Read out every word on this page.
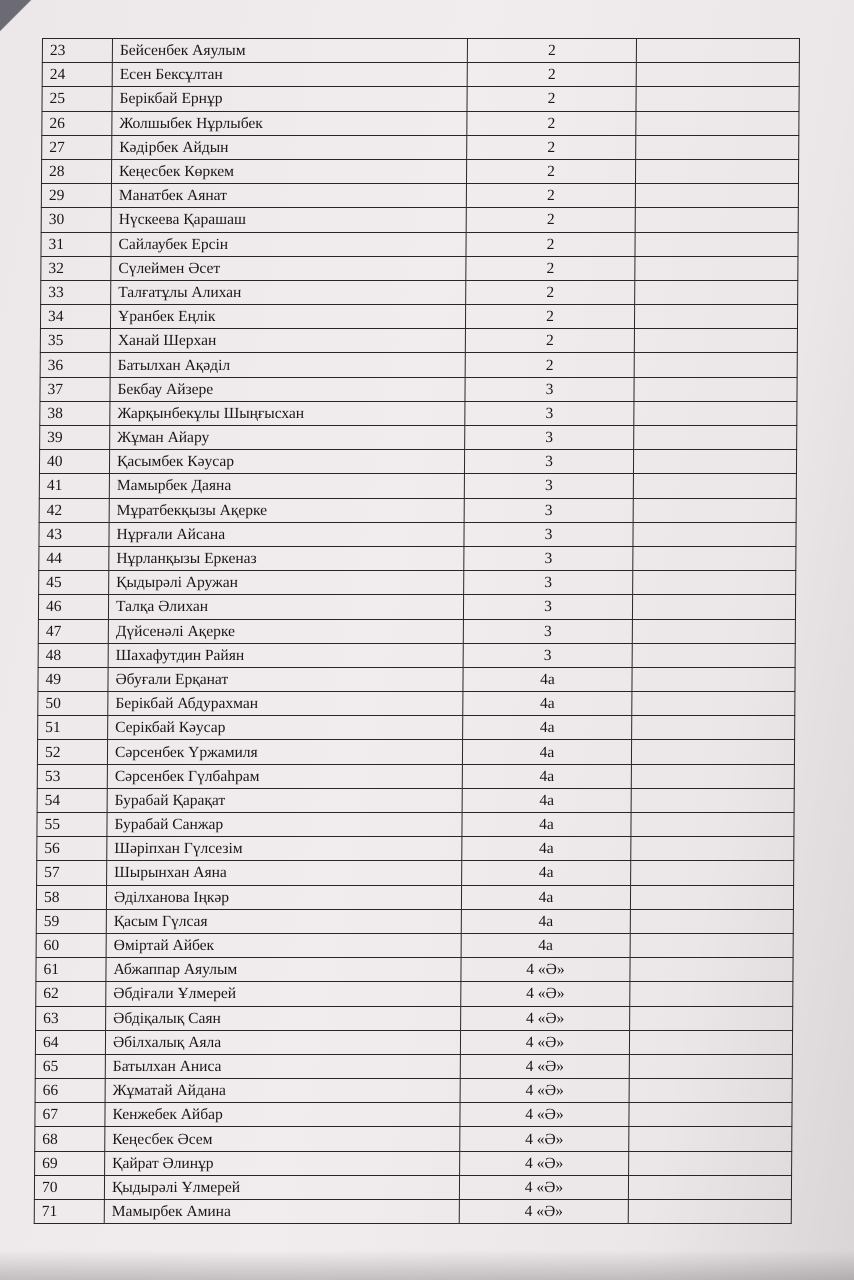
23	Бейсенбек Аяулым	2	
24	Есен Бексұлтан	2	
25	Берікбай Ернұр	2	
26	Жолшыбек Нұрлыбек	2	
27	Кәдірбек Айдын	2	
28	Кеңесбек Көркем	2	
29	Манатбек Аянат	2	
30	Нүскеева Қарашаш	2	
31	Сайлаубек Ерсін	2	
32	Сүлеймен Әсет	2	
33	Талғатұлы Алихан	2	
34	Ұранбек Еңлік	2	
35	Ханай Шерхан	2	
36	Батылхан Ақәділ	2	
37	Бекбау Айзере	3	
38	Жарқынбекұлы Шыңғысхан	3	
39	Жұман Айару	3	
40	Қасымбек Кәусар	3	
41	Мамырбек Даяна	3	
42	Мұратбекқызы Ақерке	3	
43	Нұрғали Айсана	3	
44	Нұрланқызы Еркеназ	3	
45	Қыдырәлі Аружан	3	
46	Талқа Әлихан	3	
47	Дүйсенәлі Ақерке	3	
48	Шахафутдин Райян	3	
49	Әбуғали Ерқанат	4а	
50	Берікбай Абдурахман	4а	
51	Серікбай Кәусар	4а	
52	Сәрсенбек Үржамиля	4а	
53	Сәрсенбек Гүлбаһрам	4а	
54	Бурабай Қарақат	4а	
55	Бурабай Санжар	4а	
56	Шәріпхан Гүлсезім	4а	
57	Шырынхан Аяна	4а	
58	Әділханова Іңкәр	4а	
59	Қасым Гүлсая	4а	
60	Өміртай Айбек	4а	
61	Абжаппар Аяулым	4 «Ә»	
62	Әбдіғали Ұлмерей	4 «Ә»	
63	Әбдіқалық Саян	4 «Ә»	
64	Әбілхалық Аяла	4 «Ә»	
65	Батылхан Аниса	4 «Ә»	
66	Жұматай Айдана	4 «Ә»	
67	Кенжебек Айбар	4 «Ә»	
68	Кеңесбек Әсем	4 «Ә»	
69	Қайрат Әлинұр	4 «Ә»	
70	Қыдырәлі Ұлмерей	4 «Ә»	
71	Мамырбек Амина	4 «Ә»	
